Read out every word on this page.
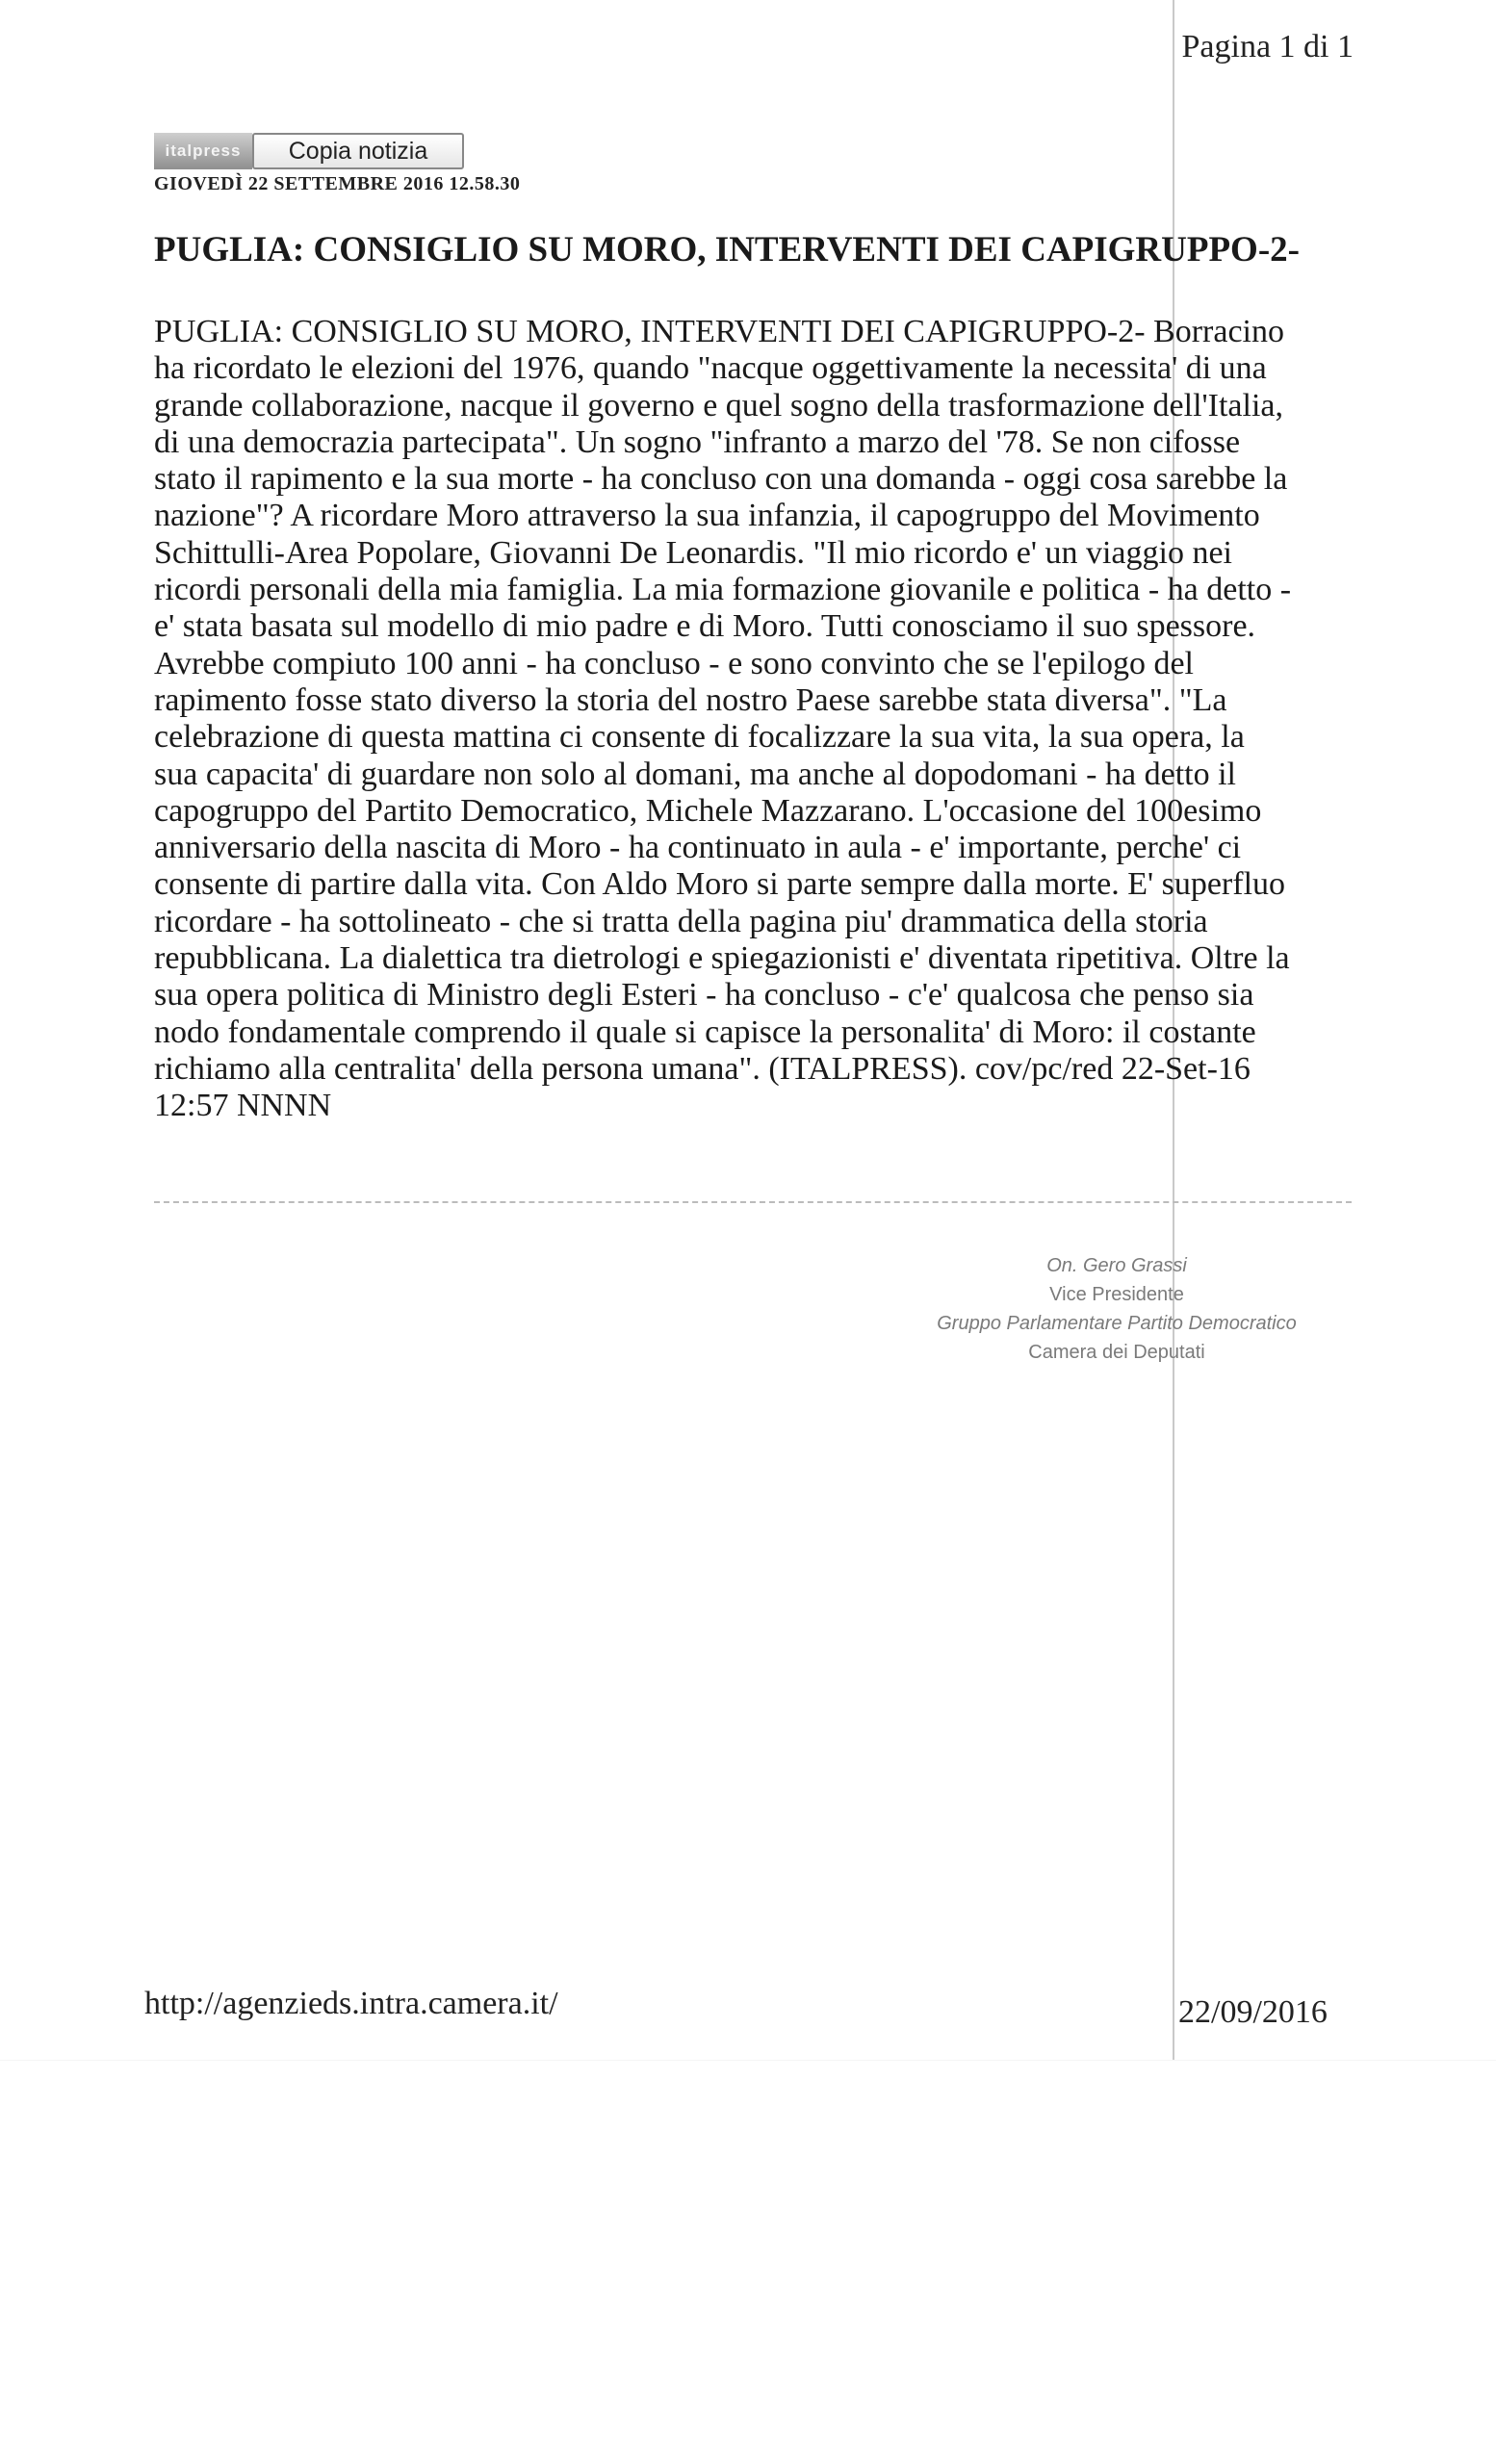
Pagina 1 di 1
italpress	Copia notizia
GIOVEDÌ 22 SETTEMBRE 2016 12.58.30
PUGLIA: CONSIGLIO SU MORO, INTERVENTI DEI CAPIGRUPPO-2-
PUGLIA: CONSIGLIO SU MORO, INTERVENTI DEI CAPIGRUPPO-2- Borracino
ha ricordato le elezioni del 1976, quando "nacque oggettivamente la necessita' di una
grande collaborazione, nacque il governo e quel sogno della trasformazione dell'Italia,
di una democrazia partecipata". Un sogno "infranto a marzo del '78. Se non cifosse
stato il rapimento e la sua morte - ha concluso con una domanda - oggi cosa sarebbe la
nazione"? A ricordare Moro attraverso la sua infanzia, il capogruppo del Movimento
Schittulli-Area Popolare, Giovanni De Leonardis. "Il mio ricordo e' un viaggio nei
ricordi personali della mia famiglia. La mia formazione giovanile e politica - ha detto -
e' stata basata sul modello di mio padre e di Moro. Tutti conosciamo il suo spessore.
Avrebbe compiuto 100 anni - ha concluso - e sono convinto che se l'epilogo del
rapimento fosse stato diverso la storia del nostro Paese sarebbe stata diversa". "La
celebrazione di questa mattina ci consente di focalizzare la sua vita, la sua opera, la
sua capacita' di guardare non solo al domani, ma anche al dopodomani - ha detto il
capogruppo del Partito Democratico, Michele Mazzarano. L'occasione del 100esimo
anniversario della nascita di Moro - ha continuato in aula - e' importante, perche' ci
consente di partire dalla vita. Con Aldo Moro si parte sempre dalla morte. E' superfluo
ricordare - ha sottolineato - che si tratta della pagina piu' drammatica della storia
repubblicana. La dialettica tra dietrologi e spiegazionisti e' diventata ripetitiva. Oltre la
sua opera politica di Ministro degli Esteri - ha concluso - c'e' qualcosa che penso sia
nodo fondamentale comprendo il quale si capisce la personalita' di Moro: il costante
richiamo alla centralita' della persona umana". (ITALPRESS). cov/pc/red 22-Set-16
12:57 NNNN
On. Gero Grassi
Vice Presidente
Gruppo Parlamentare Partito Democratico
Camera dei Deputati
http://agenzieds.intra.camera.it/	22/09/2016
